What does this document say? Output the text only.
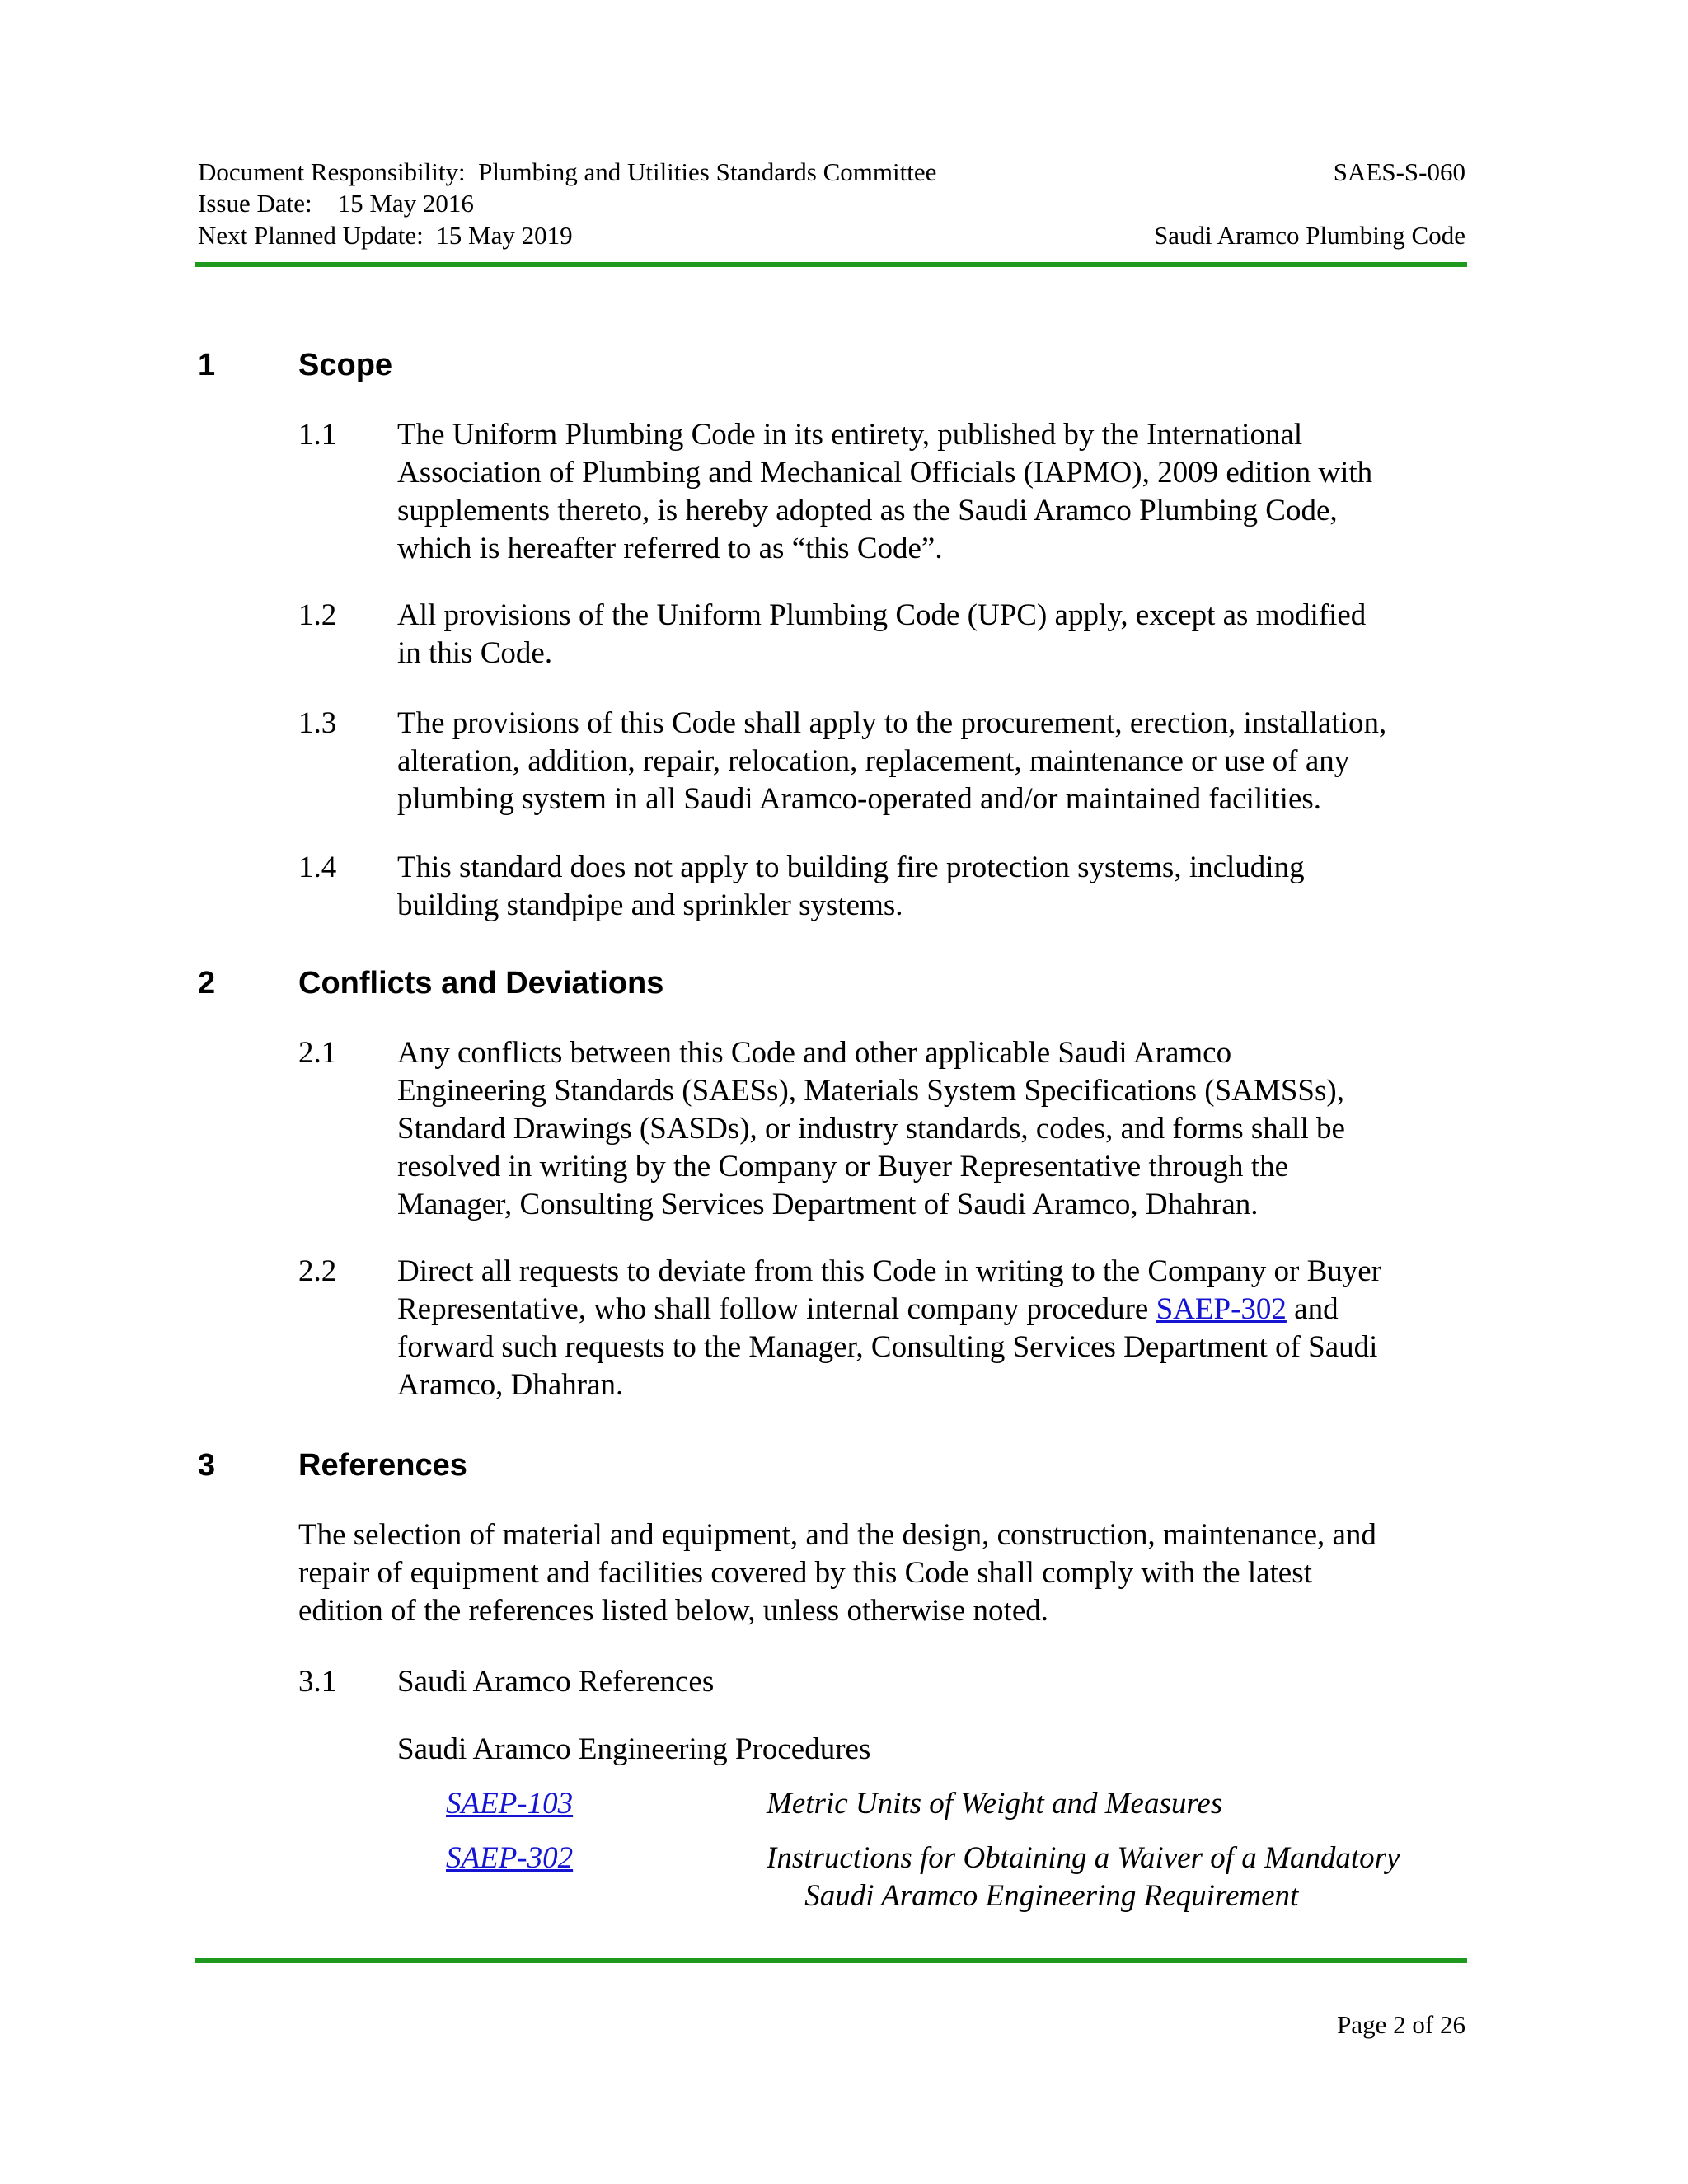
Document Responsibility:  Plumbing and Utilities Standards Committee
Issue Date:    15 May 2016
Next Planned Update:  15 May 2019
SAES-S-060
Saudi Aramco Plumbing Code
1	Scope
1.1 The Uniform Plumbing Code in its entirety, published by the International
Association of Plumbing and Mechanical Officials (IAPMO), 2009 edition with
supplements thereto, is hereby adopted as the Saudi Aramco Plumbing Code,
which is hereafter referred to as “this Code”.
1.2 All provisions of the Uniform Plumbing Code (UPC) apply, except as modified
in this Code.
1.3 The provisions of this Code shall apply to the procurement, erection, installation,
alteration, addition, repair, relocation, replacement, maintenance or use of any
plumbing system in all Saudi Aramco-operated and/or maintained facilities.
1.4 This standard does not apply to building fire protection systems, including
building standpipe and sprinkler systems.
2	Conflicts and Deviations
2.1 Any conflicts between this Code and other applicable Saudi Aramco
Engineering Standards (SAESs), Materials System Specifications (SAMSSs),
Standard Drawings (SASDs), or industry standards, codes, and forms shall be
resolved in writing by the Company or Buyer Representative through the
Manager, Consulting Services Department of Saudi Aramco, Dhahran.
2.2 Direct all requests to deviate from this Code in writing to the Company or Buyer
Representative, who shall follow internal company procedure SAEP-302 and
forward such requests to the Manager, Consulting Services Department of Saudi
Aramco, Dhahran.
3	References
The selection of material and equipment, and the design, construction, maintenance, and
repair of equipment and facilities covered by this Code shall comply with the latest
edition of the references listed below, unless otherwise noted.
3.1 Saudi Aramco References
Saudi Aramco Engineering Procedures
SAEP-103	Metric Units of Weight and Measures
SAEP-302	Instructions for Obtaining a Waiver of a Mandatory
Saudi Aramco Engineering Requirement
Page 2 of 26
